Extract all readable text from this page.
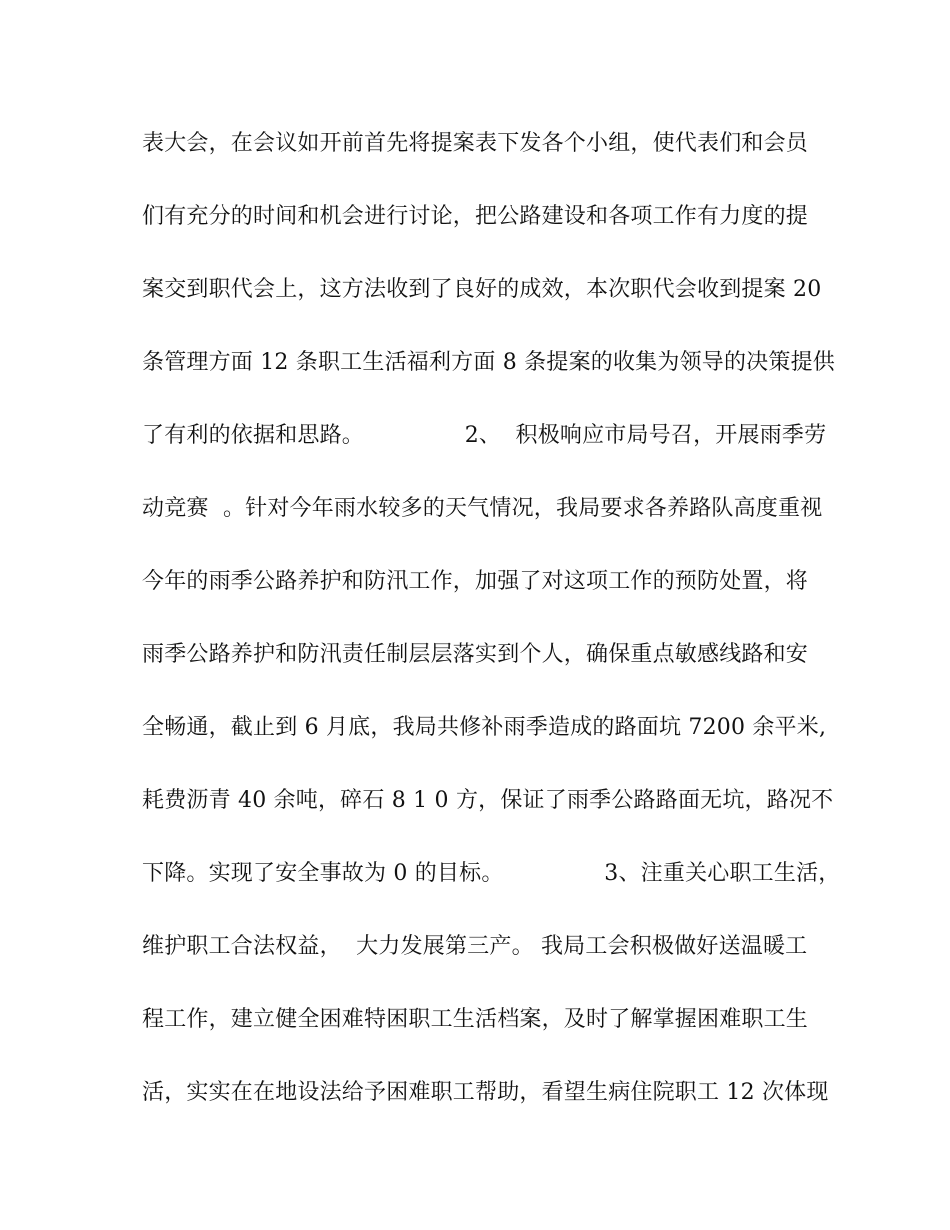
表大会，在会议如开前首先将提案表下发各个小组，使代表们和会员
们有充分的时间和机会进行讨论，把公路建设和各项工作有力度的提
案交到职代会上，这方法收到了良好的成效，本次职代会收到提案 20
条管理方面 12 条职工生活福利方面 8 条提案的收集为领导的决策提供
了有利的依据和思路。              2、  积极响应市局号召，开展雨季劳
动竞赛  。针对今年雨水较多的天气情况，我局要求各养路队高度重视
今年的雨季公路养护和防汛工作，加强了对这项工作的预防处置，将
雨季公路养护和防汛责任制层层落实到个人，确保重点敏感线路和安
全畅通，截止到 6 月底，我局共修补雨季造成的路面坑 7200 余平米,
耗费沥青 40 余吨，碎石 8 1 0 方，保证了雨季公路路面无坑，路况不
下降。实现了安全事故为 0 的目标。              3、注重关心职工生活，
维护职工合法权益，  大力发展第三产。 我局工会积极做好送温暖工
程工作，建立健全困难特困职工生活档案，及时了解掌握困难职工生
活，实实在在地设法给予困难职工帮助，看望生病住院职工 12 次体现
